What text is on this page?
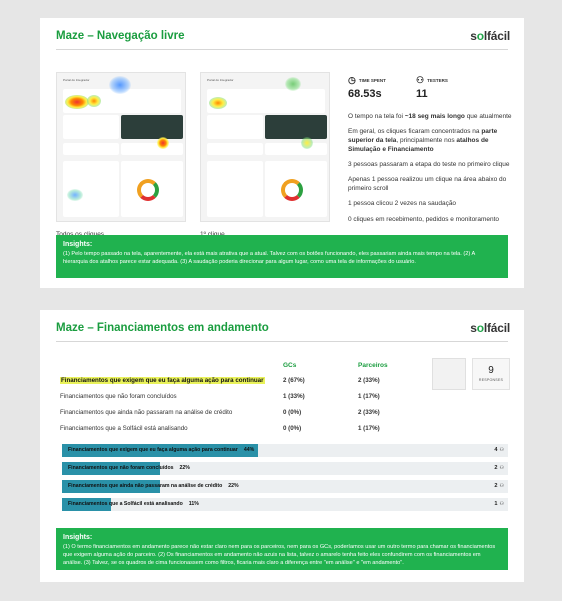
Maze – Navegação livre	solfácil
Portal do Integrador	Portal do Integrador	◷ TIME SPENT
68.53s
⚇ TESTERS
11

O tempo na tela foi ~18 seg mais longo que atualmente

Em geral, os cliques ficaram concentrados na parte superior da tela, principalmente nos atalhos de Simulação e Financiamento

3 pessoas passaram a etapa do teste no primeiro clique

Apenas 1 pessoa realizou um clique na área abaixo do primeiro scroll

1 pessoa clicou 2 vezes na saudação

0 cliques em recebimento, pedidos e monitoramento

Insights:
(1) Pelo tempo passado na tela, aparentemente, ela está mais atrativa que a atual. Talvez com os botões funcionando, eles passariam ainda mais tempo na tela. (2) A hierarquia dos atalhos parece estar adequada. (3) A saudação poderia direcionar para algum lugar, como uma tela de informações do usuário.
Maze – Financiamentos em andamento	solfácil
GCs	Parceiros
Financiamentos que exigem que eu faça alguma ação para continuar	2 (67%)	2 (33%)
Financiamentos que não foram concluídos	1 (33%)	1 (17%)
Financiamentos que ainda não passaram na análise de crédito	0 (0%)	2 (33%)
Financiamentos que a Solfácil está analisando	0 (0%)	1 (17%)
9
RESPONSES
Financiamentos que exigem que eu faça alguma ação para continuar 44%	4 ⚇
Financiamentos que não foram concluídos 22%	2 ⚇
Financiamentos que ainda não passaram na análise de crédito 22%	2 ⚇
Financiamentos que a Solfácil está analisando 11%	1 ⚇
Insights:
(1) O termo financiamentos em andamento parece não estar claro nem para os parceiros, nem para os GCs, poderíamos usar um outro termo para chamar os financiamentos que exigem alguma ação do parceiro. (2) Os financiamentos em andamento não azuis na lista, talvez o amarelo tenha feito eles confundirem com os financiamentos em análise. (3) Talvez, se os quadros de cima funcionassem como filtros, ficaria mais claro a diferença entre "em análise" e "em andamento".
